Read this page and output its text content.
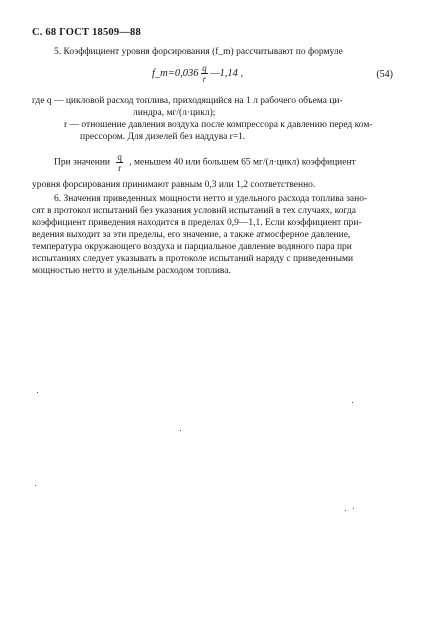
С. 68 ГОСТ 18509—88
5. Коэффициент уровня форсирования (f_m) рассчитывают по формуле
f_m=0,036 $\frac{q}{r}$ —1,14 ,	(54)
где q — цикловой расход топлива, приходящийся на 1 л рабочего объема ци-
линдра, мг/(л·цикл);
r — отношение давления воздуха после компрессора к давлению перед ком-
прессором. Для дизелей без наддува r=1.
При значении $\frac{q}{r}$ , меньшем 40 или большем 65 мг/(л·цикл) коэффициент
уровня форсирования принимают равным 0,3 или 1,2 соответственно.
6. Значения приведенных мощности нетто и удельного расхода топлива зано-
сят в протокол испытаний без указания условий испытаний в тех случаях, когда
коэффициент приведения находится в пределах 0,9—1,1. Если коэффициент при-
ведения выходит за эти пределы, его значение, а также атмосферное давление,
температура окружающего воздуха и парциальное давление водяного пара при
испытаниях следует указывать в протоколе испытаний наряду с приведенными
мощностью нетто и удельным расходом топлива.
